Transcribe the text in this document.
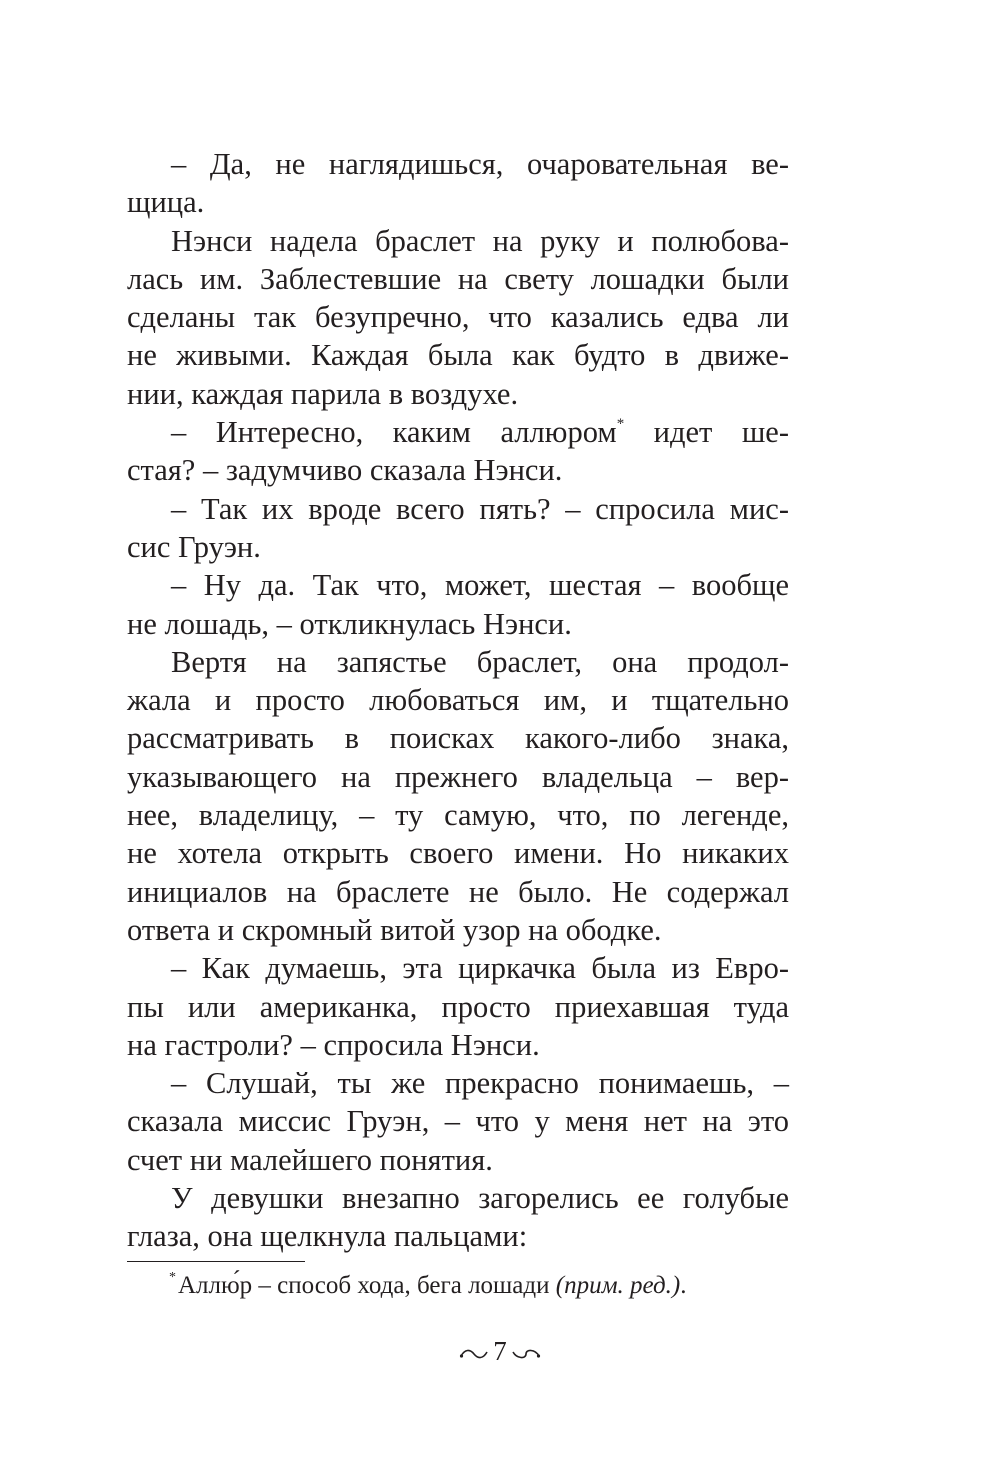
– Да, не наглядишься, очаровательная ве-
щица.
Нэнси надела браслет на руку и полюбова-
лась им. Заблестевшие на свету лошадки были
сделаны так безупречно, что казались едва ли
не живыми. Каждая была как будто в движе-
нии, каждая парила в воздухе.
– Интересно, каким аллюром* идет ше-
стая? – задумчиво сказала Нэнси.
– Так их вроде всего пять? – спросила мис-
сис Груэн.
– Ну да. Так что, может, шестая – вообще
не лошадь, – откликнулась Нэнси.
Вертя на запястье браслет, она продол-
жала и просто любоваться им, и тщательно
рассматривать в поисках какого-либо знака,
указывающего на прежнего владельца – вер-
нее, владелицу, – ту самую, что, по легенде,
не хотела открыть своего имени. Но никаких
инициалов на браслете не было. Не содержал
ответа и скромный витой узор на ободке.
– Как думаешь, эта циркачка была из Евро-
пы или американка, просто приехавшая туда
на гастроли? – спросила Нэнси.
– Слушай, ты же прекрасно понимаешь, –
сказала миссис Груэн, – что у меня нет на это
счет ни малейшего понятия.
У девушки внезапно загорелись ее голубые
глаза, она щелкнула пальцами:
*Аллю́р – способ хода, бега лошади (прим. ред.).
7
